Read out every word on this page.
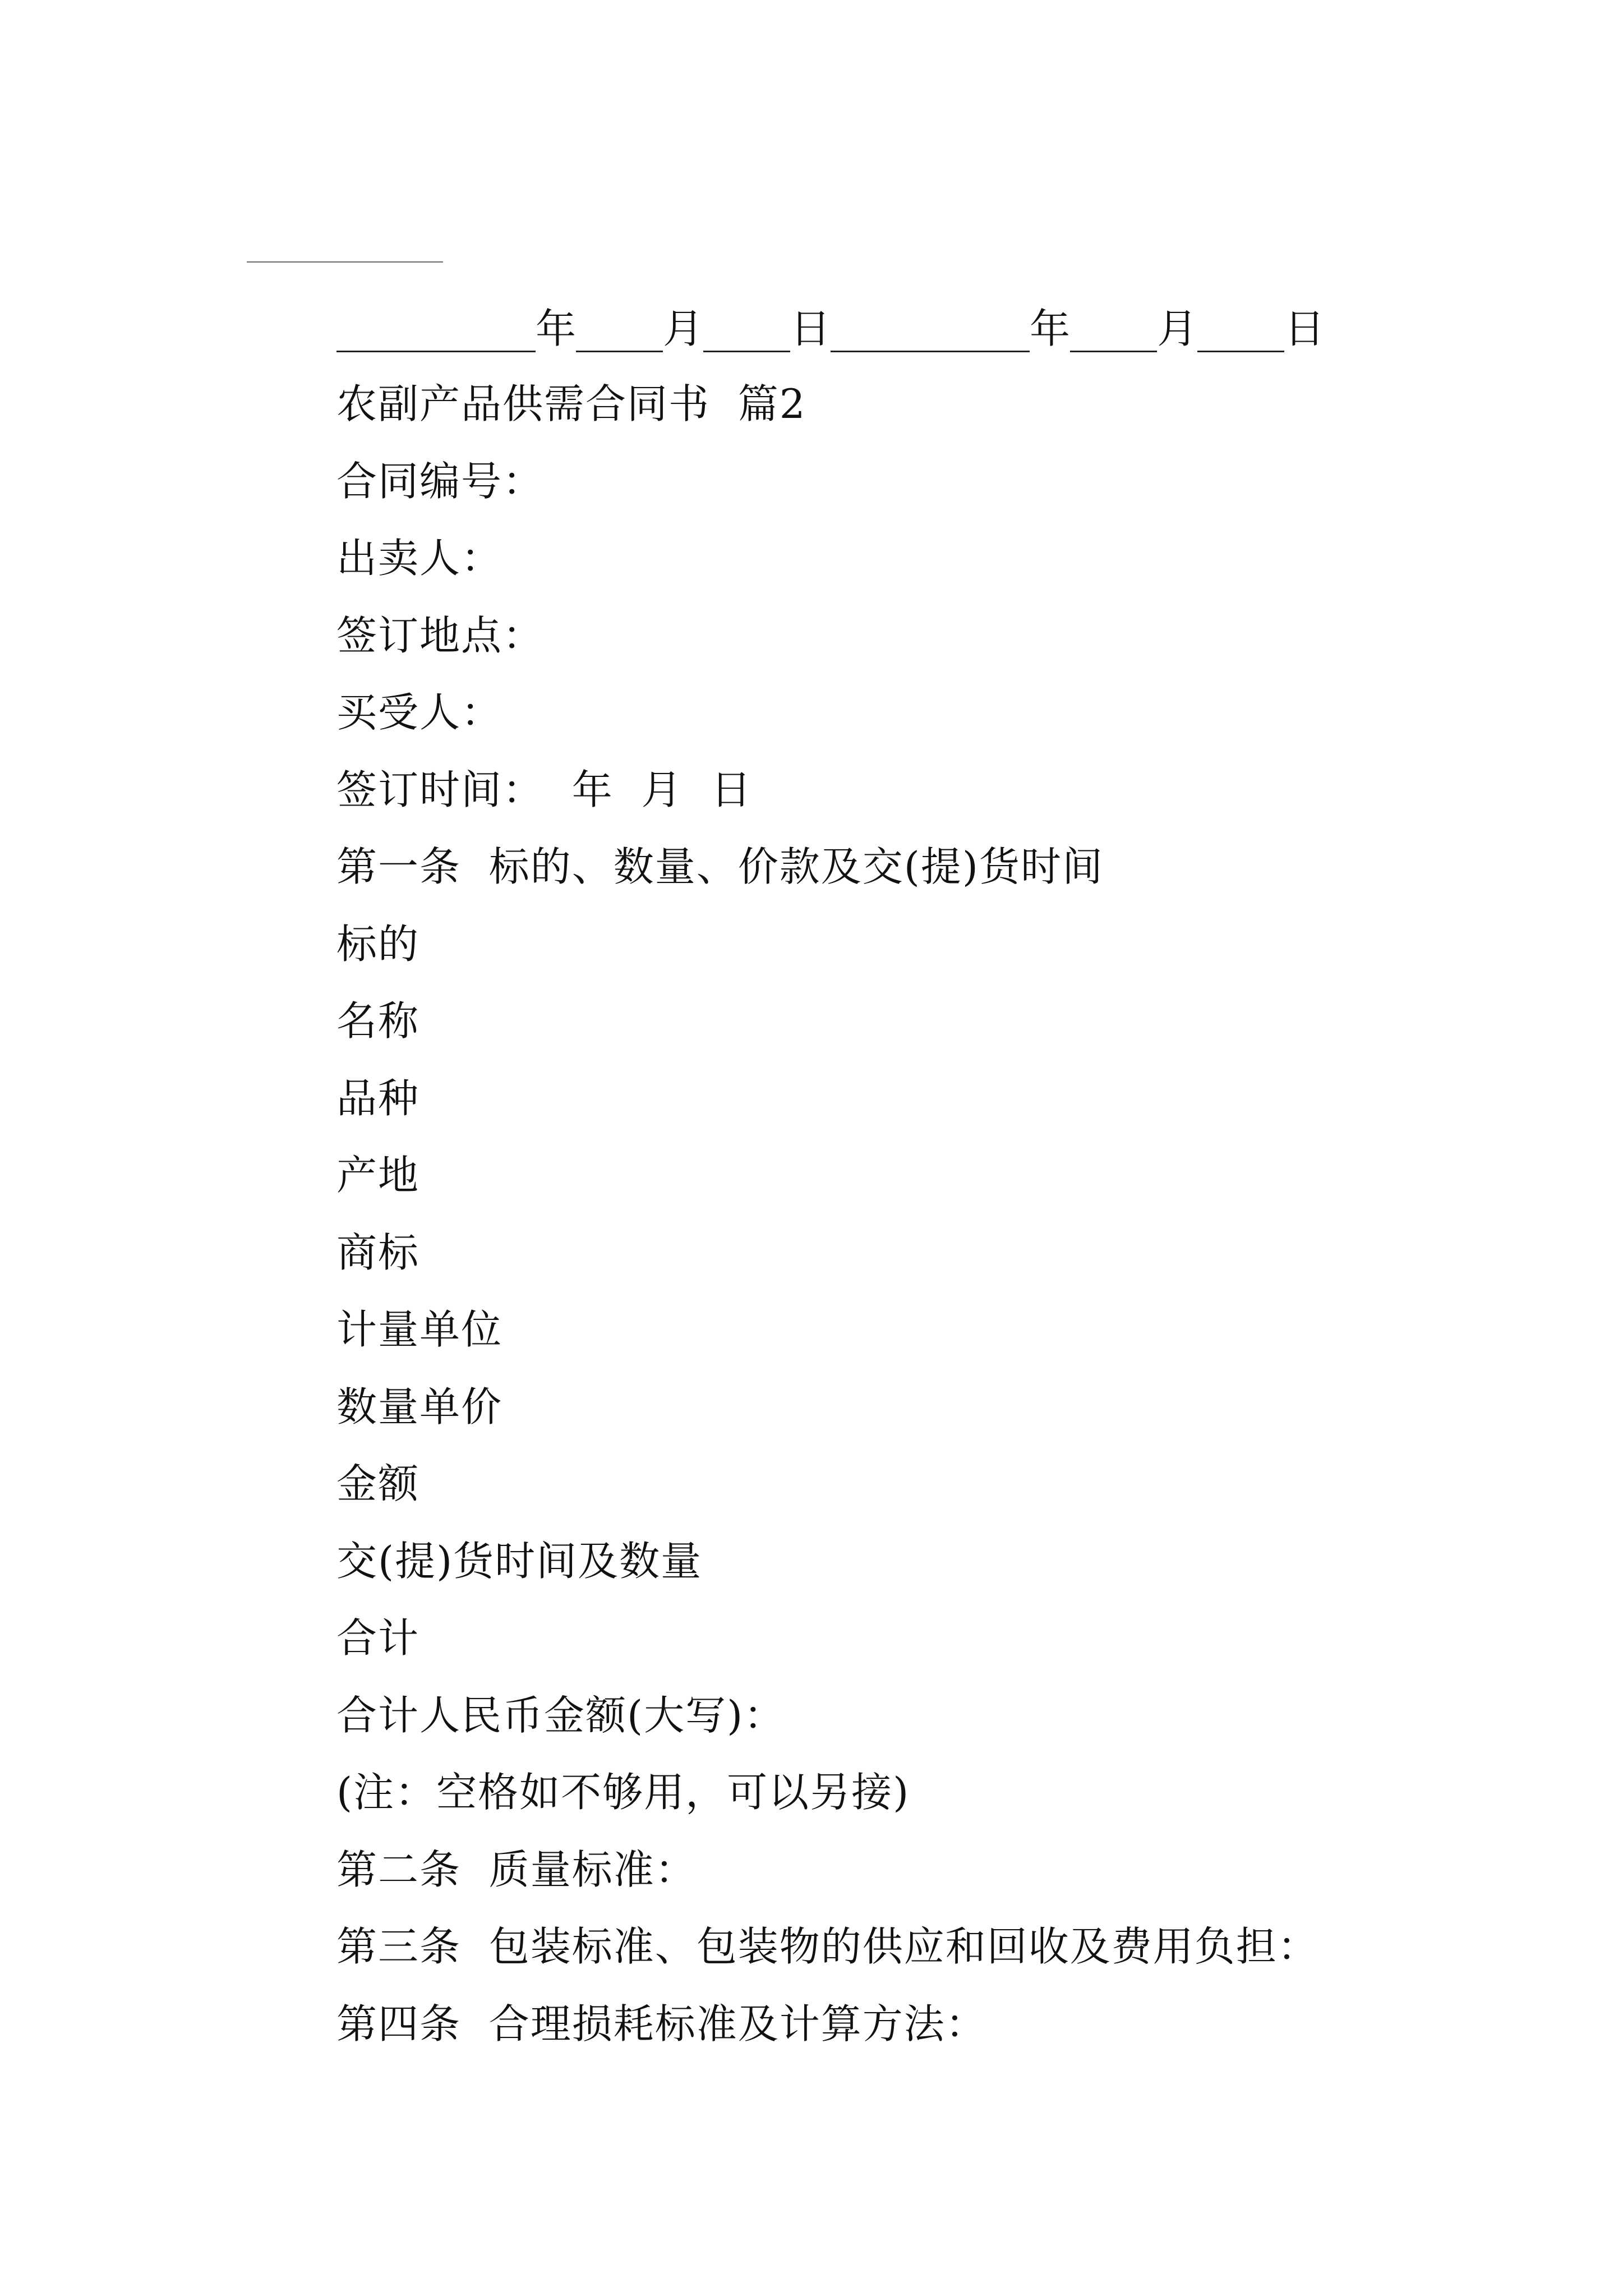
年 月 日	年 月 日
农副产品供需合同书  篇2
合同编号：
出卖人：
签订地点：
买受人：
签订时间：  年  月  日
第一条  标的、数量、价款及交(提)货时间
标的
名称
品种
产地
商标
计量单位
数量单价
金额
交(提)货时间及数量
合计
合计人民币金额(大写)：
(注：空格如不够用，可以另接)
第二条  质量标准：
第三条  包装标准、包装物的供应和回收及费用负担：
第四条  合理损耗标准及计算方法：
